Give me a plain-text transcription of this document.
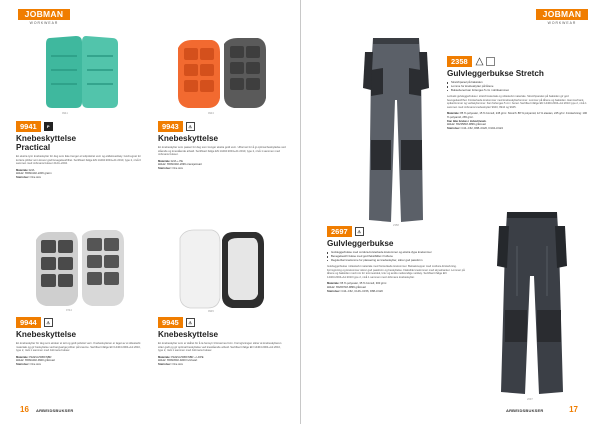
JOBMAN
WORKWEAR
9941
9941	P
Knebeskyttelse Practical
En ekstra tynn knebeskytter for deg som ikke trenger et tettpolstret vern og ettdelsverktøy. Godt egnet for kortere jobber som krever god bevegelsesfrihet. Sertifisert ifølge EN 14404:2004+A1:2010, type 2, nivå 0 sammen med Jobmans bukser 2124–2204.
Materiale: EVA
Art.nr: 65994102-2206 grønn
Størrelser: One size
9943
9943	⚠
Knebeskyttelse
En knebeskytter som passer for deg som trenger ekstra godt vern. Utformet for å gi optimal beskyttelse ved stående og knestående arbeid. Sertifisert ifølge EN 14404:2004+A1:2010, type 2, nivå 1 sammen med Jobmans bukser.
Materiale: EVA + PE
Art.nr: 65994302-2099 oransje/svart
Størrelser: One size
9744
9944	⚠
Knebeskyttelse
En knebeskytter for deg som ønsker et tett og godt polstret vern. Knebeskytteren er laget av et slitesterkt materiale og gir beskyttelse ved langvarige jobber på knærne. Sertifisert ifølge EN 14404:2004+A1:2010, type 2, nivå 1 sammen med Jobmans bukser.
Materiale: PE/EVA/SBR/NBR
Art.nr: 65994402-9900 grå/svart
Størrelser: One size
9945
9945	⚠
Knebeskyttelse
En knebeskytter som er skåret for å ta hensyn til knærnes form. Formgivningen sikrer at knebeskytteren sitter godt og gir optimal beskyttelse ved knestående arbeid. Sertifisert ifølge EN 14404:2004+A1:2010, type 2, nivå 1 sammen med Jobmans bukser.
Materiale: PE/EVA/SBR/NBR + LDPE
Art.nr: 65994502-9200 hvit/svart
Størrelser: One size
16 ARBEIDSBUKSER
JOBMAN
WORKWEAR
2358
2358
Gulvleggerbukse Stretch
Stretchpanel på baksiden
Lomme for knebeskytter på lårene
Buksebenet kan forlenges 5 cm i skrittsømmen
Lettvekt gulvleggerbukse i stretchmateriale og slitesterkt materiale. Stretchpanelet på baksiden gir god bevegelsesfrihet. Forsterkede knelommer med knebeskytterlommer. Lommer på lårene og baksiden. Hammerhank, spikerlommer og verktøylommer. Kan forlenges 5 cm i benet. Sertifisert ifølge EN 14404:2004+A1:2010 type 2, nivå 1 sammen med Jobmans knebeskytter 9943, 9944 og 9945.
Materiale: 85 % polyester, 15 % bomull, 245 g/m². Stretch: 88 % polyamid, 12 % elastan, 245 g/m². Forsterkning: 100 % polyamid, 265 g/m².
Kan ikke brukes i industrivask.
Art.nr: 65235818-9899 grå/svart
Størrelser: C44–C62, D88–D120, D104–D124
2697	⚠
Gulvleggerbukse
Gulvleggerbukse med cordura-forsterkede knelommer og ekstra dype knelommer
Bevegelsesfri bukse med god fleksibilitet i hoftene
Regulerbar knelomme for plassering av knebeskytter, sikrer god passform
Gulvleggerbukse i slitesterkt materiale med forsterkede knelommer. Bukseknepper med cordura-forsterkning. Formgivning og knelommer sikrer god passform og beskyttelse. Fleksible knelommer med skyvehanker. Lommer på lårene og baksiden med rom for tommestokk, kniv og andre nødvendige verktøy. Sertifisert ifølge EN 14404:2004+A1:2010 type 2, nivå 1 sammen med Jobmans knebeskytter.
Materiale: 65 % polyester, 35 % bomull, 300 g/m².
Art.nr: 65269718-9899 grå/svart
Størrelser: C44–C62, C146–C156, D88–D120
2697
ARBEIDSBUKSER	17
